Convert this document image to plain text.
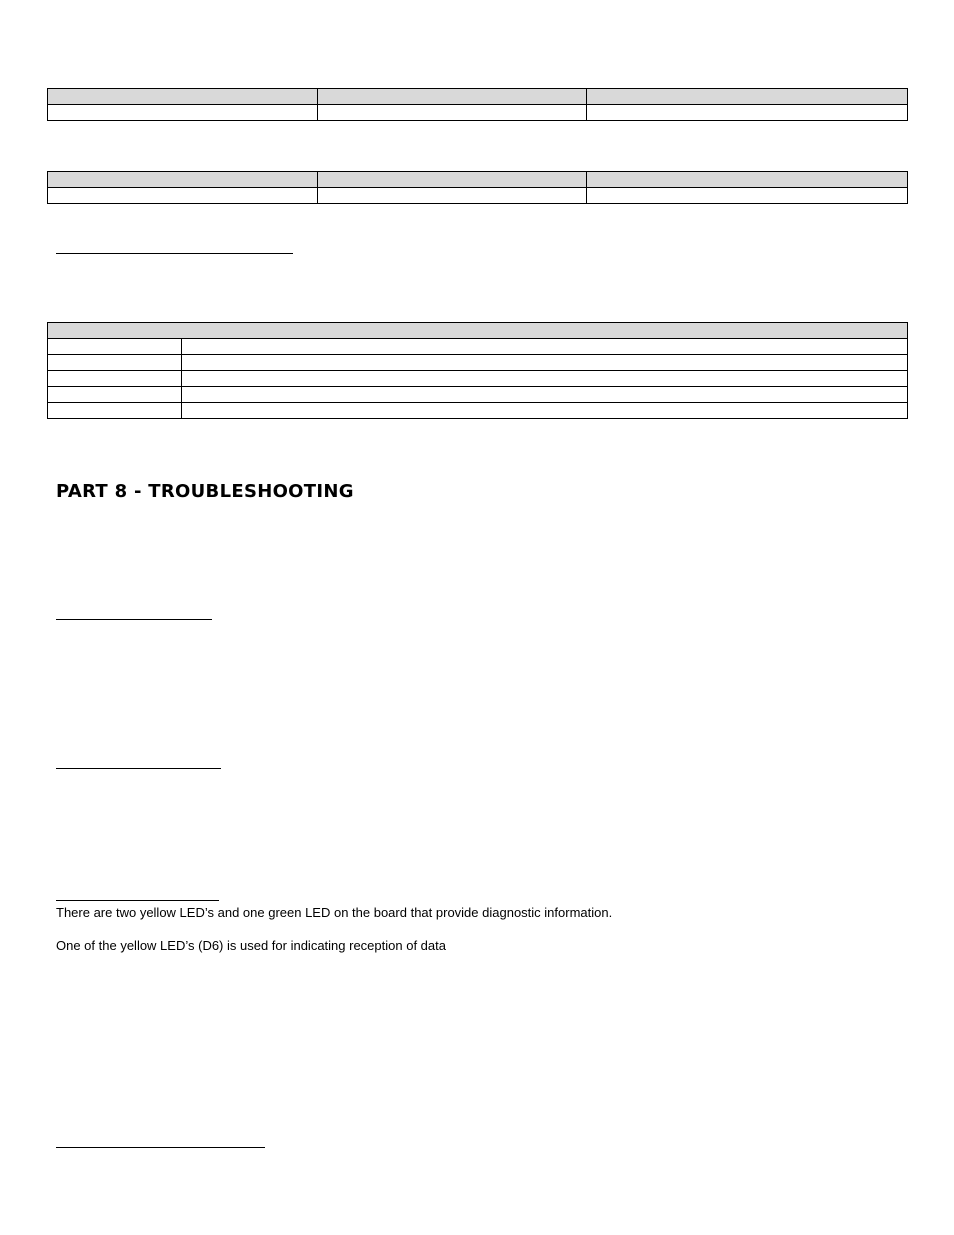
PART 8 - TROUBLESHOOTING
There are two yellow LED’s and one green LED on the board that provide diagnostic information.
One of the yellow LED’s (D6) is used for indicating reception of data
